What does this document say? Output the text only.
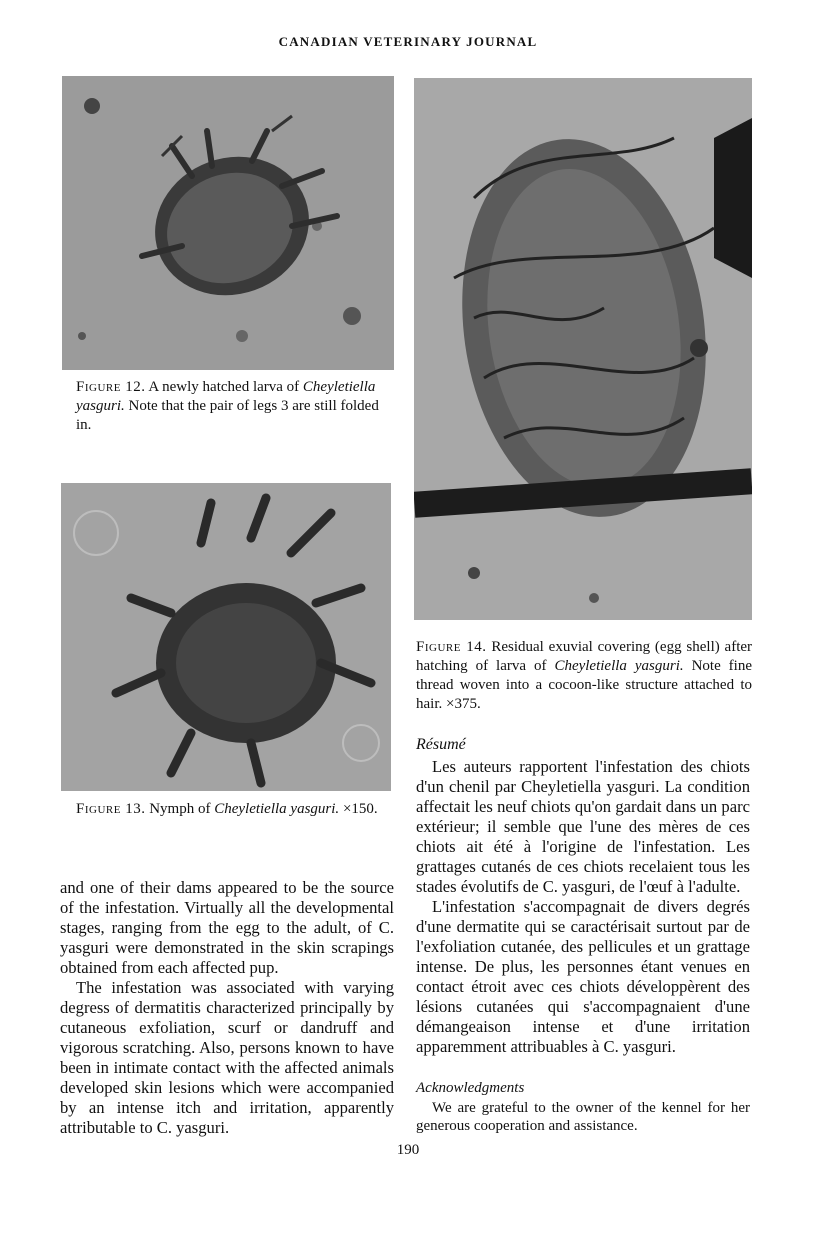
CANADIAN VETERINARY JOURNAL
Figure 12. A newly hatched larva of Cheyletiella yasguri. Note that the pair of legs 3 are still folded in.
Figure 13. Nymph of Cheyletiella yasguri. ×150.
Figure 14. Residual exuvial covering (egg shell) after hatching of larva of Cheyletiella yasguri. Note fine thread woven into a cocoon-like structure attached to hair. ×375.

and one of their dams appeared to be the source of the infestation. Virtually all the developmental stages, ranging from the egg to the adult, of C. yasguri were demonstrated in the skin scrapings obtained from each affected pup.

The infestation was associated with varying degress of dermatitis characterized principally by cutaneous exfoliation, scurf or dandruff and vigorous scratching. Also, persons known to have been in intimate contact with the affected animals developed skin lesions which were accompanied by an intense itch and irritation, apparently attributable to C. yasguri.

Résumé

Les auteurs rapportent l'infestation des chiots d'un chenil par Cheyletiella yasguri. La condition affectait les neuf chiots qu'on gardait dans un parc extérieur; il semble que l'une des mères de ces chiots ait été à l'origine de l'infestation. Les grattages cutanés de ces chiots recelaient tous les stades évolutifs de C. yasguri, de l'œuf à l'adulte.

L'infestation s'accompagnait de divers degrés d'une dermatite qui se caractérisait surtout par de l'exfoliation cutanée, des pellicules et un grattage intense. De plus, les personnes étant venues en contact étroit avec ces chiots développèrent des lésions cutanées qui s'accompagnaient d'une démangeaison intense et d'une irritation apparemment attribuables à C. yasguri.

Acknowledgments

We are grateful to the owner of the kennel for her generous cooperation and assistance.

190
